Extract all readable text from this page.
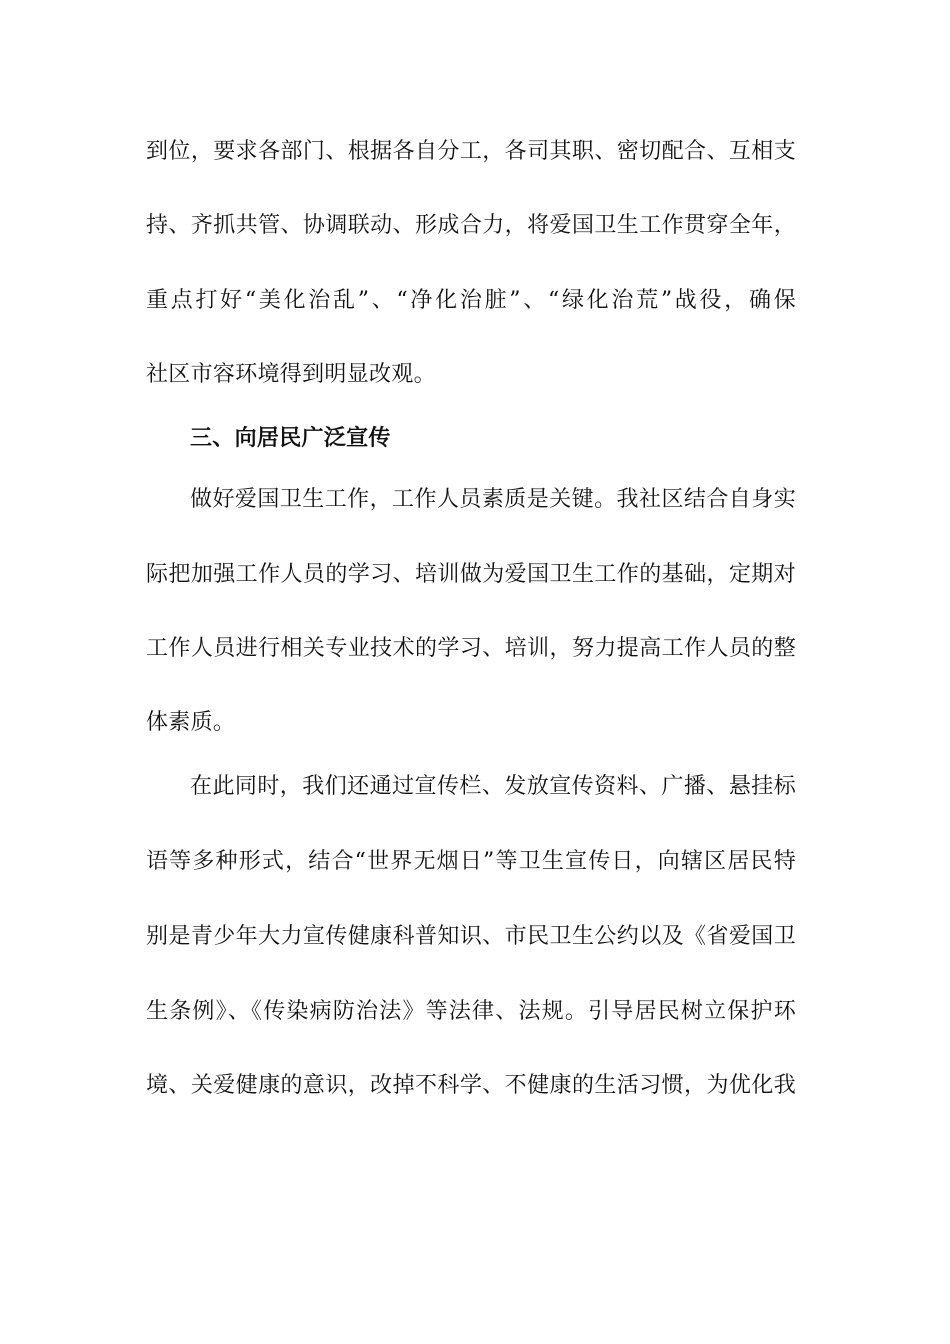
到位，要求各部门、根据各自分工，各司其职、密切配合、互相支
持、齐抓共管、协调联动、形成合力，将爱国卫生工作贯穿全年，
重点打好“美化治乱”、“净化治脏”、“绿化治荒”战役，确保
社区市容环境得到明显改观。
三、向居民广泛宣传
做好爱国卫生工作，工作人员素质是关键。我社区结合自身实
际把加强工作人员的学习、培训做为爱国卫生工作的基础，定期对
工作人员进行相关专业技术的学习、培训，努力提高工作人员的整
体素质。
在此同时，我们还通过宣传栏、发放宣传资料、广播、悬挂标
语等多种形式，结合“世界无烟日”等卫生宣传日，向辖区居民特
别是青少年大力宣传健康科普知识、市民卫生公约以及《省爱国卫
生条例》、《传染病防治法》等法律、法规。引导居民树立保护环
境、关爱健康的意识，改掉不科学、不健康的生活习惯，为优化我
